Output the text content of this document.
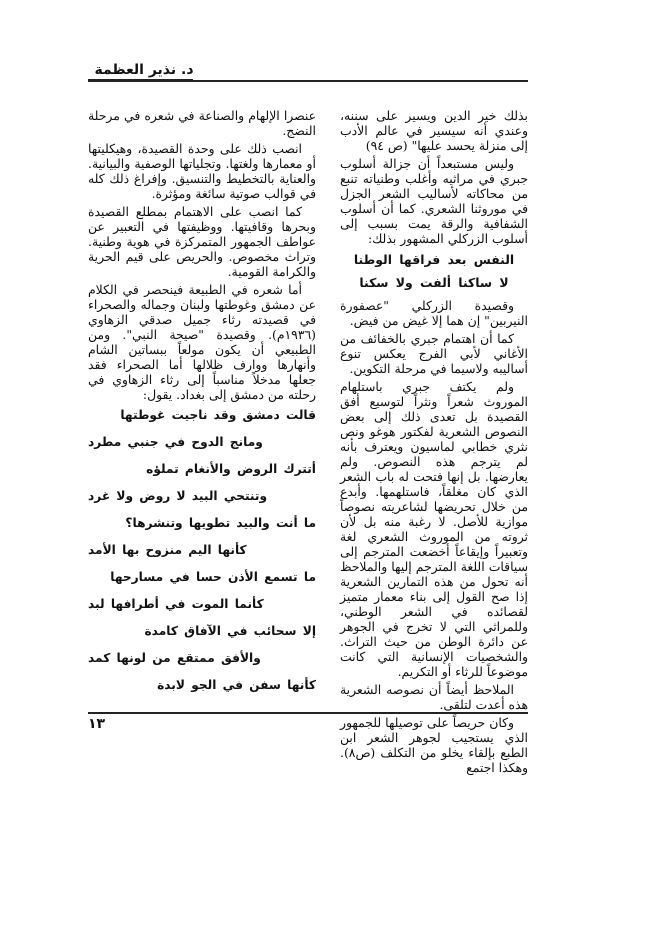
د. نذير العظمة

بذلك خير الدين ويسير على سننه، وعندي أنه سيسير في عالم الأدب إلى منزلة يحسد عليها" (ص ٩٤)

وليس مستبعداً أن جزالة أسلوب جبري في مراثيه وأغلب وطنياته تنبع من محاكاته لأساليب الشعر الجزل في موروثنا الشعري. كما أن أسلوب الشفافية والرقة يمت بسبب إلى أسلوب الزركلي المشهور بذلك:

النفس بعد فراقها الوطنا
لا ساكنا ألفت ولا سكنا

وقصيدة الزركلي "عصفورة النيربين" إن هما إلا غيض من فيض.

كما أن اهتمام جبري بالخفائف من الأغاني لأبي الفرج يعكس تنوع أساليبه ولاسيما في مرحلة التكوين.

ولم يكتف جبري باستلهام الموروث شعراً ونثراً لتوسيع أفق القصيدة بل تعدى ذلك إلى بعض النصوص الشعرية لفكتور هوغو ونص نثري خطابي لماسيون ويعترف بأنه لم يترجم هذه النصوص. ولم يعارضها. بل إنها فتحت له باب الشعر الذي كان مغلقاً، فاستلهمها. وأبدع من خلال تحريضها لشاعريته نصوصاً موازية للأصل. لا رغبة منه بل لأن ثروته من الموروث الشعري لغة وتعبيراً وإيقاعاً أخضعت المترجم إلى سياقات اللغة المترجم إليها والملاحظ أنه تحول من هذه التمارين الشعرية إذا صح القول إلى بناء معمار متميز لقصائده في الشعر الوطني، وللمراثي التي لا تخرج في الجوهر عن دائرة الوطن من حيث التراث. والشخصيات الإنسانية التي كانت موضوعاً للرثاء أو التكريم.

الملاحظ أيضاً أن نصوصه الشعرية هذه أعدت لتلقى.

وكان حريصاً على توصيلها للجمهور الذي يستجيب لجوهر الشعر ابن الطبع بإلقاء يخلو من التكلف (ص٨). وهكذا اجتمع

عنصرا الإلهام والصناعة في شعره في مرحلة النضج.

انصب ذلك على وحدة القصيدة، وهيكليتها أو معمارها ولغتها. وتجلياتها الوصفية والبيانية. والعناية بالتخطيط والتنسيق. وإفراغ ذلك كله في قوالب صوتية سائغة ومؤثرة.

كما انصب على الاهتمام بمطلع القصيدة وبحرها وقافيتها. ووظيفتها في التعبير عن عواطف الجمهور المتمركزة في هوية وطنية. وتراث مخصوص. والحريص على قيم الحرية والكرامة القومية.

أما شعره في الطبيعة فينحصر في الكلام عن دمشق وغوطتها ولبنان وجماله والصحراء في قصيدته رثاء جميل صدقي الزهاوي (١٩٣٦م). وقصيدة "صيحة النبي". ومن الطبيعي أن يكون مولعاً ببساتين الشام وأنهارها ووارف ظلالها أما الصحراء فقد جعلها مدخلاً مناسباً إلى رثاء الزهاوي في رحلته من دمشق إلى بغداد. يقول:

قالت دمشق وقد ناجيت غوطتها
ومانج الدوح في جنبي مطرد
أتترك الروض والأنغام تملؤه
وتنتحي البيد لا روض ولا غرد
ما أنت والبيد تطويها وتنشرها؟
كأنها اليم منزوح بها الأمد
ما تسمع الأذن حسا في مسارحها
كأنما الموت في أطرافها لبد
إلا سحائب في الآفاق كامدة
والأفق ممتقع من لونها كمد
كأنها سفن في الجو لابدة
١٣
